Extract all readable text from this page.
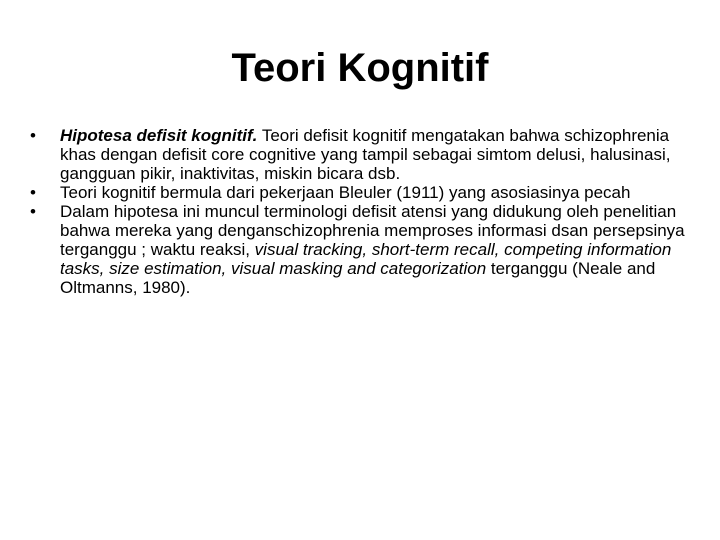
Teori Kognitif
• Hipotesa defisit kognitif. Teori defisit kognitif mengatakan bahwa schizophrenia khas dengan defisit core cognitive yang tampil sebagai simtom delusi, halusinasi, gangguan pikir, inaktivitas, miskin bicara dsb.
• Teori kognitif bermula dari pekerjaan Bleuler (1911) yang asosiasinya pecah
• Dalam hipotesa ini muncul terminologi defisit atensi yang didukung oleh penelitian bahwa mereka yang denganschizophrenia memproses informasi dsan persepsinya terganggu ; waktu reaksi, visual tracking, short-term recall, competing information tasks, size estimation, visual masking and categorization terganggu (Neale and Oltmanns, 1980).
